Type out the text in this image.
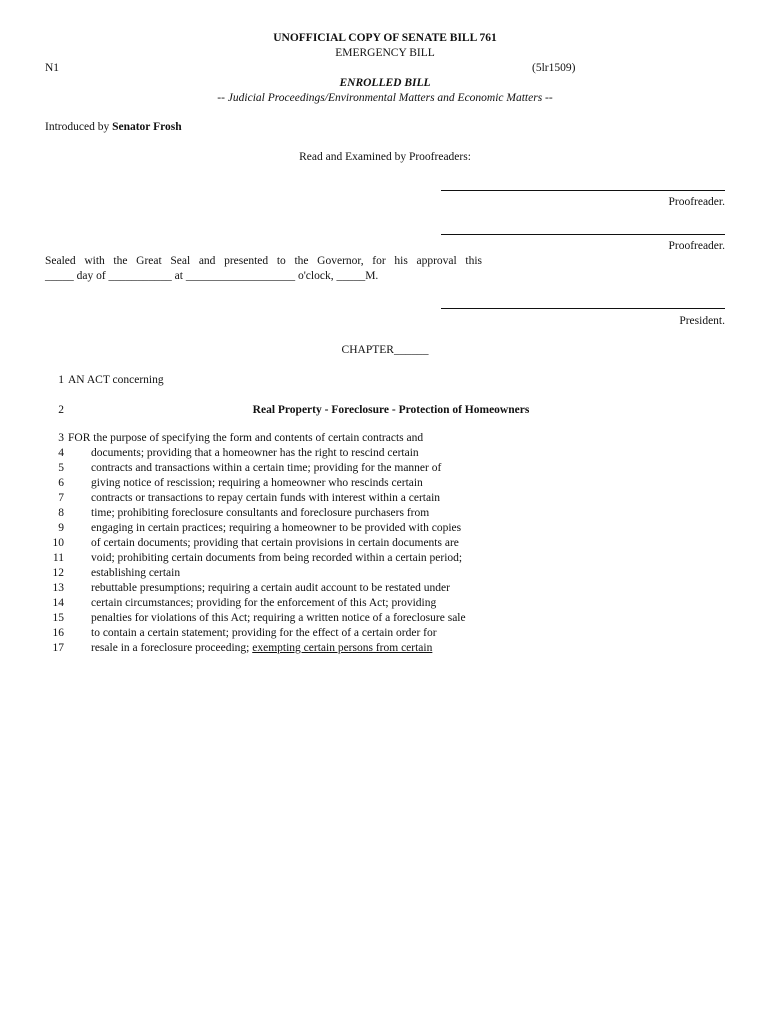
UNOFFICIAL COPY OF SENATE BILL 761
EMERGENCY BILL
N1	(5lr1509)
ENROLLED BILL
-- Judicial Proceedings/Environmental Matters and Economic Matters --
Introduced by Senator Frosh
Read and Examined by Proofreaders:
Proofreader.
Proofreader.
Sealed with the Great Seal and presented to the Governor, for his approval this
_____ day of ___________ at ___________________ o'clock, _____M.
President.
CHAPTER______
1 AN ACT concerning
2	Real Property - Foreclosure - Protection of Homeowners
3 FOR the purpose of specifying the form and contents of certain contracts and
4 documents; providing that a homeowner has the right to rescind certain
5 contracts and transactions within a certain time; providing for the manner of
6 giving notice of rescission; requiring a homeowner who rescinds certain
7 contracts or transactions to repay certain funds with interest within a certain
8 time; prohibiting foreclosure consultants and foreclosure purchasers from
9 engaging in certain practices; requiring a homeowner to be provided with copies
10 of certain documents; providing that certain provisions in certain documents are
11 void; prohibiting certain documents from being recorded within a certain period;
12 establishing certain
13 rebuttable presumptions; requiring a certain audit account to be restated under
14 certain circumstances; providing for the enforcement of this Act; providing
15 penalties for violations of this Act; requiring a written notice of a foreclosure sale
16 to contain a certain statement; providing for the effect of a certain order for
17 resale in a foreclosure proceeding; exempting certain persons from certain
